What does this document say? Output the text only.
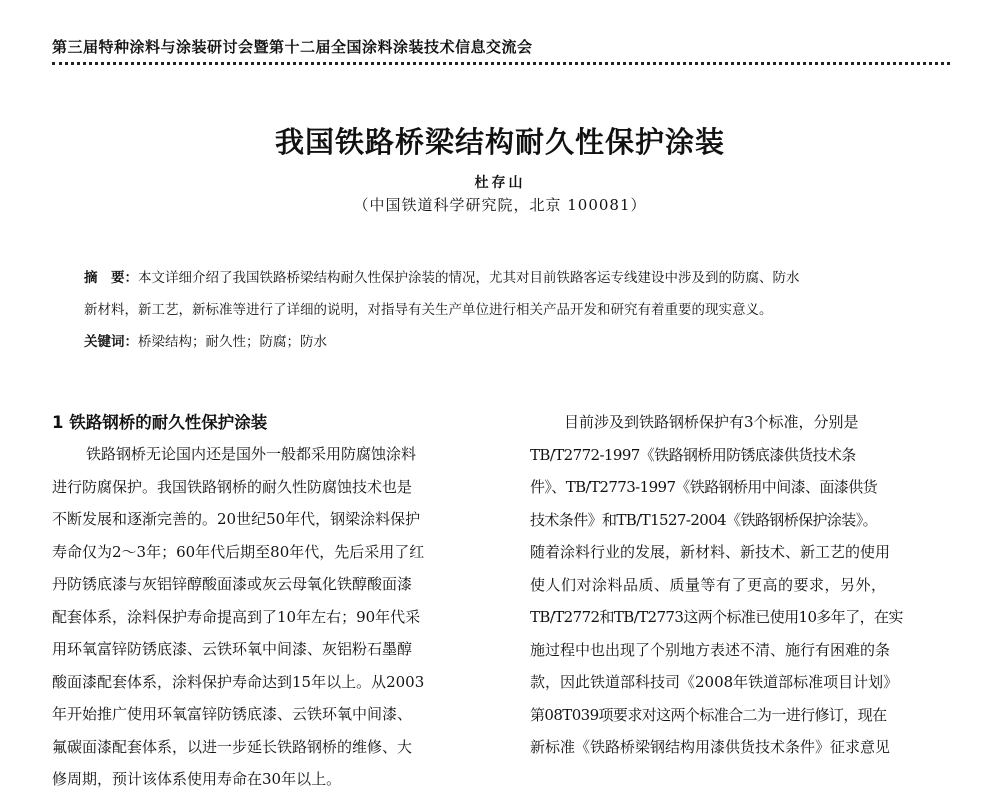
第三届特种涂料与涂装研讨会暨第十二届全国涂料涂装技术信息交流会
我国铁路桥梁结构耐久性保护涂装
杜存山
（中国铁道科学研究院，北京 100081）
摘　要：本文详细介绍了我国铁路桥梁结构耐久性保护涂装的情况，尤其对目前铁路客运专线建设中涉及到的防腐、防水
新材料，新工艺，新标准等进行了详细的说明，对指导有关生产单位进行相关产品开发和研究有着重要的现实意义。
关键词：桥梁结构；耐久性；防腐；防水
1 铁路钢桥的耐久性保护涂装
铁路钢桥无论国内还是国外一般都采用防腐蚀涂料
进行防腐保护。我国铁路钢桥的耐久性防腐蚀技术也是
不断发展和逐渐完善的。20世纪50年代，钢梁涂料保护
寿命仅为2～3年；60年代后期至80年代，先后采用了红
丹防锈底漆与灰铝锌醇酸面漆或灰云母氧化铁醇酸面漆
配套体系，涂料保护寿命提高到了10年左右；90年代采
用环氧富锌防锈底漆、云铁环氧中间漆、灰铝粉石墨醇
酸面漆配套体系，涂料保护寿命达到15年以上。从2003
年开始推广使用环氧富锌防锈底漆、云铁环氧中间漆、
氟碳面漆配套体系，以进一步延长铁路钢桥的维修、大
修周期，预计该体系使用寿命在30年以上。
目前涉及到铁路钢桥保护有3个标准，分别是
TB/T2772-1997《铁路钢桥用防锈底漆供货技术条
件》、TB/T2773-1997《铁路钢桥用中间漆、面漆供货
技术条件》和TB/T1527-2004《铁路钢桥保护涂装》。
随着涂料行业的发展，新材料、新技术、新工艺的使用
使人们对涂料品质、质量等有了更高的要求，另外，
TB/T2772和TB/T2773这两个标准已使用10多年了，在实
施过程中也出现了个别地方表述不清、施行有困难的条
款，因此铁道部科技司《2008年铁道部标准项目计划》
第08T039项要求对这两个标准合二为一进行修订，现在
新标准《铁路桥梁钢结构用漆供货技术条件》征求意见
